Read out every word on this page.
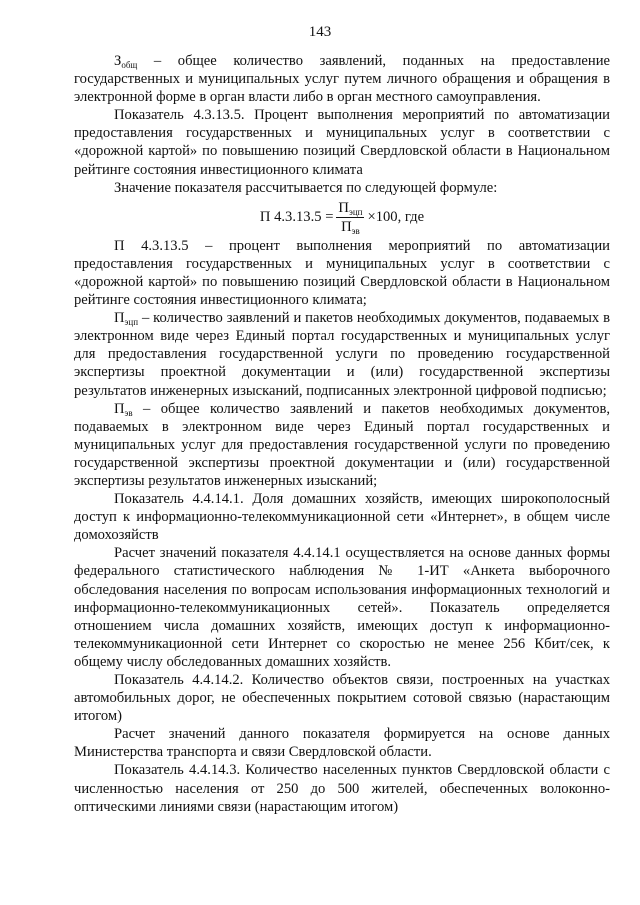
143

$З_{общ}$ – общее количество заявлений, поданных на предоставление государственных и муниципальных услуг путем личного обращения и обращения в электронной форме в орган власти либо в орган местного самоуправления.

Показатель 4.3.13.5. Процент выполнения мероприятий по автоматизации предоставления государственных и муниципальных услуг в соответствии с «дорожной картой» по повышению позиций Свердловской области в Национальном рейтинге состояния инвестиционного климата

Значение показателя рассчитывается по следующей формуле:

П $4.3.13.5 = \frac{П_{эцп}}{П_{эв}} \times 100$, где

П 4.3.13.5 – процент выполнения мероприятий по автоматизации предоставления государственных и муниципальных услуг в соответствии с «дорожной картой» по повышению позиций Свердловской области в Национальном рейтинге состояния инвестиционного климата;

$П_{эцп}$ – количество заявлений и пакетов необходимых документов, подаваемых в электронном виде через Единый портал государственных и муниципальных услуг для предоставления государственной услуги по проведению государственной экспертизы проектной документации и (или) государственной экспертизы результатов инженерных изысканий, подписанных электронной цифровой подписью;

$П_{эв}$ – общее количество заявлений и пакетов необходимых документов, подаваемых в электронном виде через Единый портал государственных и муниципальных услуг для предоставления государственной услуги по проведению государственной экспертизы проектной документации и (или) государственной экспертизы результатов инженерных изысканий;

Показатель 4.4.14.1. Доля домашних хозяйств, имеющих широкополосный доступ к информационно-телекоммуникационной сети «Интернет», в общем числе домохозяйств

Расчет значений показателя 4.4.14.1 осуществляется на основе данных формы федерального статистического наблюдения № 1-ИТ «Анкета выборочного обследования населения по вопросам использования информационных технологий и информационно-телекоммуникационных сетей». Показатель определяется отношением числа домашних хозяйств, имеющих доступ к информационно-телекоммуникационной сети Интернет со скоростью не менее 256 Кбит/сек, к общему числу обследованных домашних хозяйств.

Показатель 4.4.14.2. Количество объектов связи, построенных на участках автомобильных дорог, не обеспеченных покрытием сотовой связью (нарастающим итогом)

Расчет значений данного показателя формируется на основе данных Министерства транспорта и связи Свердловской области.

Показатель 4.4.14.3. Количество населенных пунктов Свердловской области с численностью населения от 250 до 500 жителей, обеспеченных волоконно-оптическими линиями связи (нарастающим итогом)
